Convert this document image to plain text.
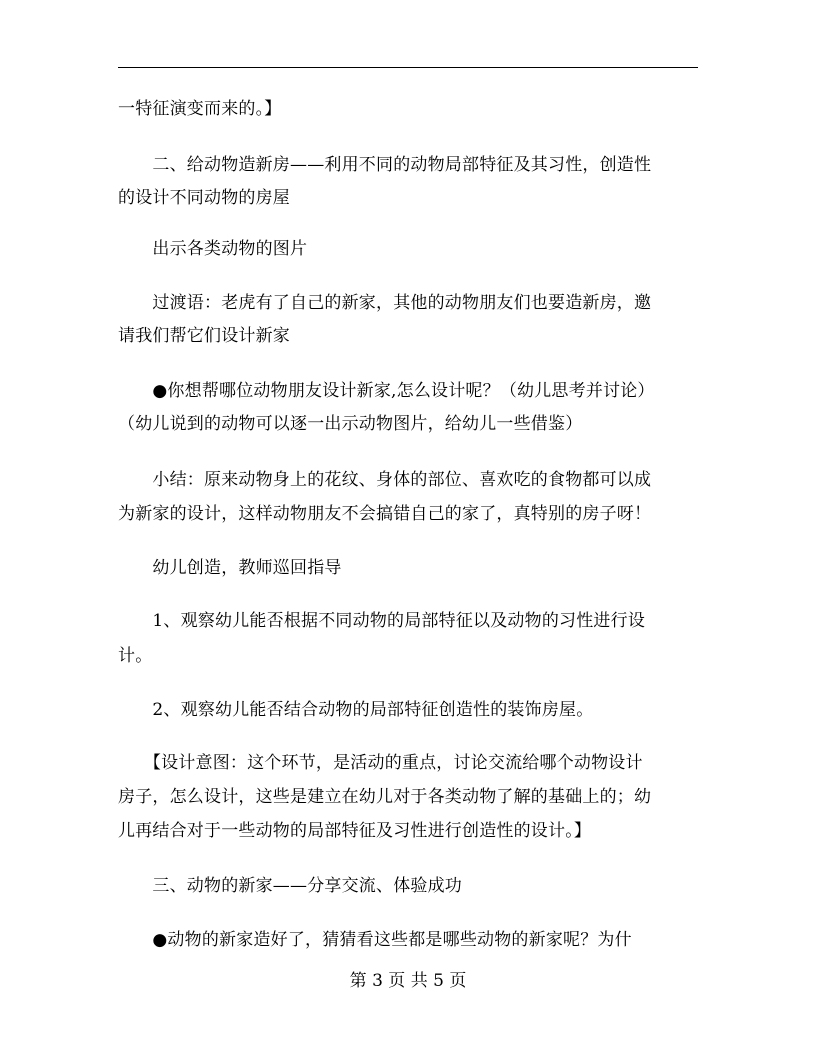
一特征演变而来的。】
　　二、给动物造新房——利用不同的动物局部特征及其习性，创造性
的设计不同动物的房屋
　　出示各类动物的图片
　　过渡语：老虎有了自己的新家，其他的动物朋友们也要造新房，邀
请我们帮它们设计新家
　　●你想帮哪位动物朋友设计新家,怎么设计呢？（幼儿思考并讨论）
（幼儿说到的动物可以逐一出示动物图片，给幼儿一些借鉴）
　　小结：原来动物身上的花纹、身体的部位、喜欢吃的食物都可以成
为新家的设计，这样动物朋友不会搞错自己的家了，真特别的房子呀！
　　幼儿创造，教师巡回指导
　　1、观察幼儿能否根据不同动物的局部特征以及动物的习性进行设
计。
　　2、观察幼儿能否结合动物的局部特征创造性的装饰房屋。
　　【设计意图：这个环节，是活动的重点，讨论交流给哪个动物设计
房子，怎么设计，这些是建立在幼儿对于各类动物了解的基础上的；幼
儿再结合对于一些动物的局部特征及习性进行创造性的设计。】
　　三、动物的新家——分享交流、体验成功
　　●动物的新家造好了，猜猜看这些都是哪些动物的新家呢？为什
第 3 页 共 5 页
